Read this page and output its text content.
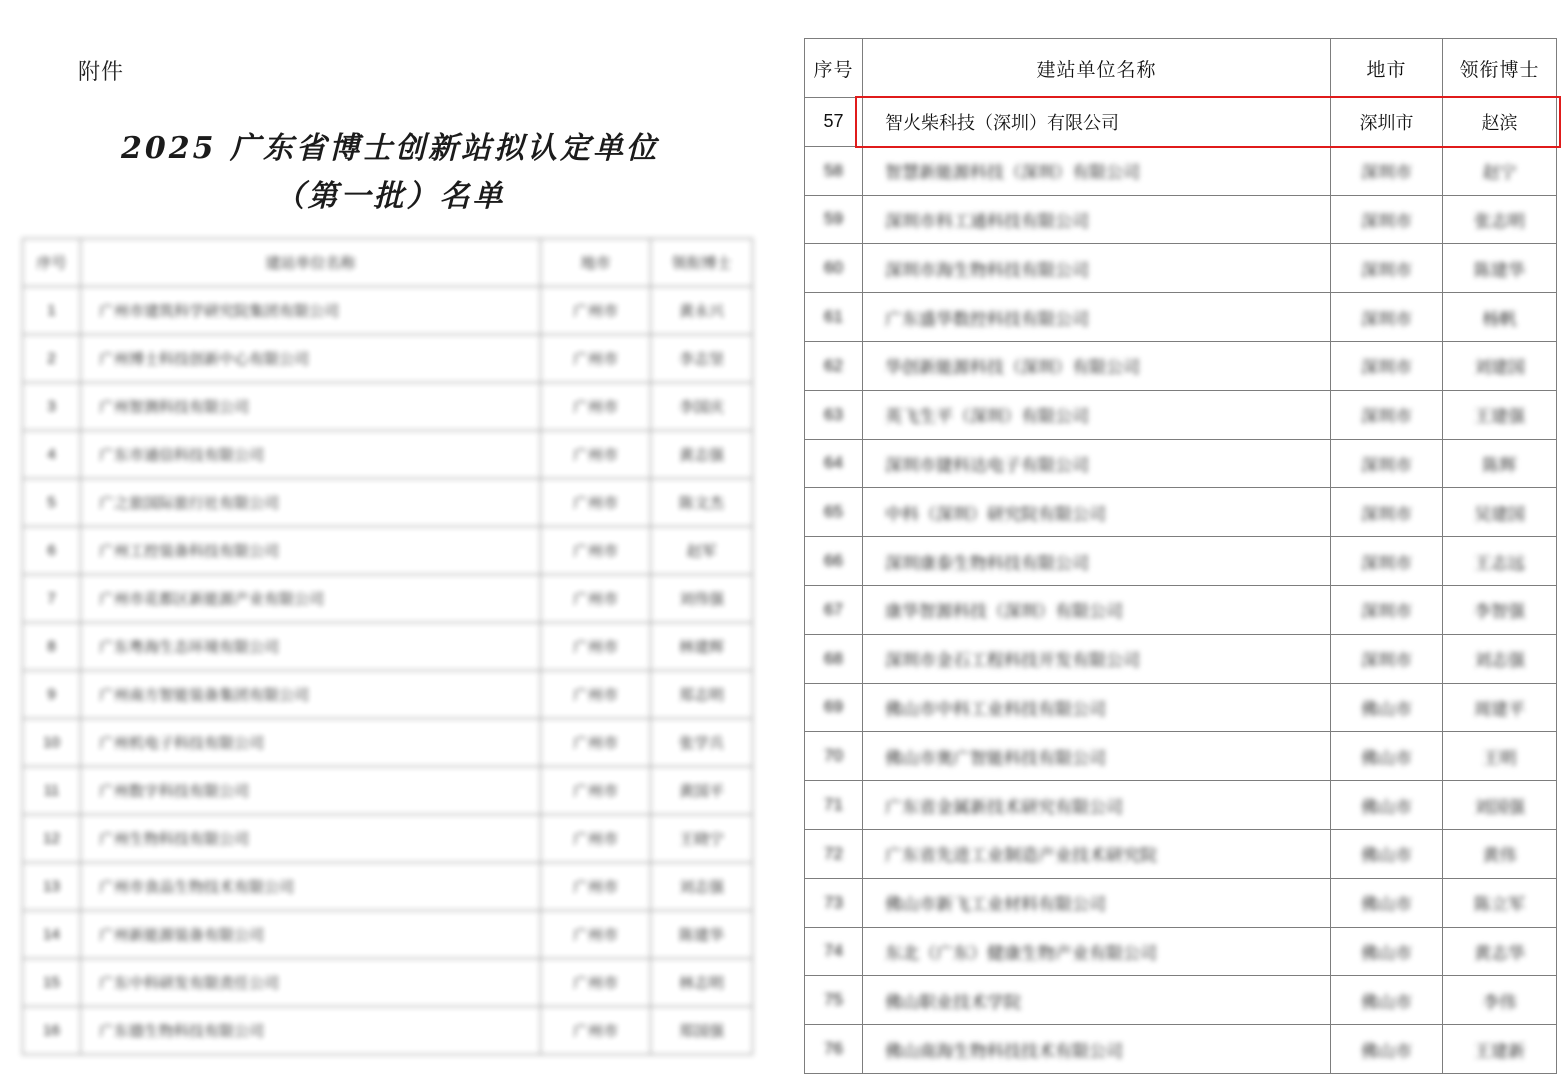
附件
2025 广东省博士创新站拟认定单位
（第一批）名单
序号	建站单位名称	地市	领衔博士
1	广州市建筑科学研究院集团有限公司	广州市	黄永兴
2	广州博士科技创新中心有限公司	广州市	李志坚
3	广州智测科技有限公司	广州市	李国庆
4	广东市通信科技有限公司	广州市	黄志强
5	广之旅国际旅行社有限公司	广州市	陈文杰
6	广州工控装备科技有限公司	广州市	赵军
7	广州市花都区新能源产业有限公司	广州市	刘伟强
8	广东粤海生态环境有限公司	广州市	林建辉
9	广州南方智能装备集团有限公司	广州市	郑志明
10	广州机电子科技有限公司	广州市	张学兵
11	广州数字科技有限公司	广州市	黄国平
12	广州生物科技有限公司	广州市	王晓宁
13	广州市食品生物技术有限公司	广州市	刘志强
14	广州新能源装备有限公司	广州市	陈建华
15	广东中科研发有限责任公司	广州市	林志明
16	广东德生物科技有限公司	广州市	郑国强
序号	建站单位名称	地市	领衔博士
57	智火柴科技（深圳）有限公司	深圳市	赵滨
58	智慧新能源科技（深圳）有限公司	深圳市	赵宁
59	深圳市科工通科技有限公司	深圳市	张志明
60	深圳市海生物科技有限公司	深圳市	陈建华
61	广东盛华数控科技有限公司	深圳市	杨帆
62	华创新能源科技（深圳）有限公司	深圳市	刘建国
63	英飞生平（深圳）有限公司	深圳市	王建强
64	深圳市捷科达电子有限公司	深圳市	陈辉
65	中科（深圳）研究院有限公司	深圳市	吴建国
66	深圳康泰生物科技有限公司	深圳市	王志远
67	康华智源科技（深圳）有限公司	深圳市	李智强
68	深圳市金石工程科技开发有限公司	深圳市	刘志强
69	佛山市中科工业科技有限公司	佛山市	周建平
70	佛山市奥广智能科技有限公司	佛山市	王明
71	广东省金属新技术研究有限公司	佛山市	刘国强
72	广东省先进工业制造产业技术研究院	佛山市	黄伟
73	佛山市新飞工业材料有限公司	佛山市	陈立军
74	东北（广东）健康生物产业有限公司	佛山市	黄志华
75	佛山职业技术学院	佛山市	李伟
76	佛山南海生物科技技术有限公司	佛山市	王建新
